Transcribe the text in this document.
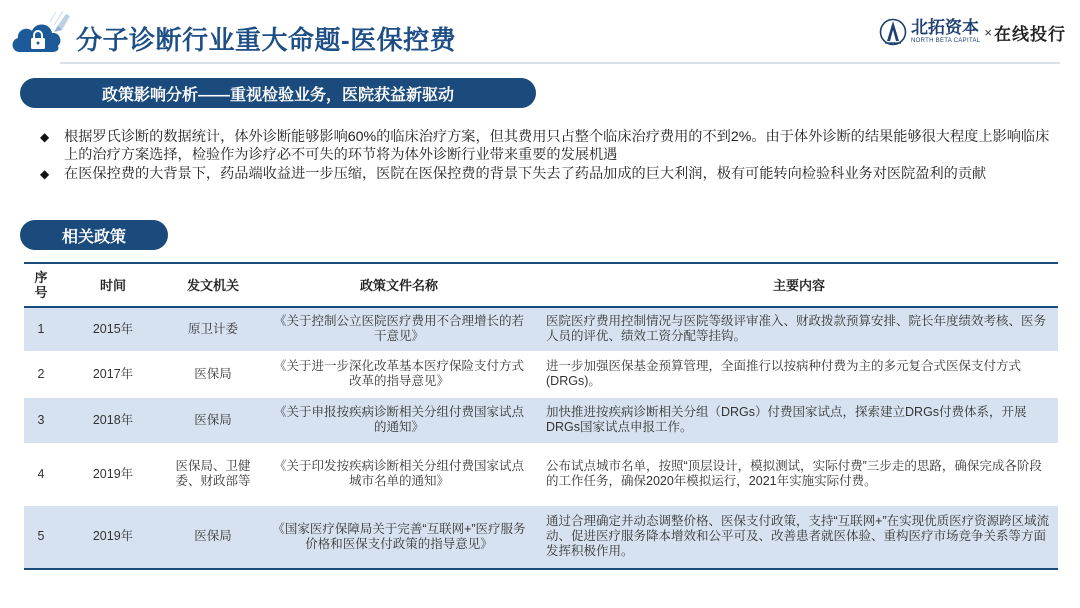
分子诊断行业重大命题-医保控费	北拓资本
NORTH BETA CAPITAL
× 在线投行
政策影响分析——重视检验业务，医院获益新驱动
◆ 根据罗氏诊断的数据统计，体外诊断能够影响60%的临床治疗方案，但其费用只占整个临床治疗费用的不到2%。由于体外诊断的结果能够很大程度上影响临床上的治疗方案选择，检验作为诊疗必不可失的环节将为体外诊断行业带来重要的发展机遇
◆ 在医保控费的大背景下，药品端收益进一步压缩，医院在医保控费的背景下失去了药品加成的巨大利润，极有可能转向检验科业务对医院盈利的贡献
相关政策
序号	时间	发文机关	政策文件名称	主要内容
1	2015年	原卫计委	《关于控制公立医院医疗费用不合理增长的若干意见》	医院医疗费用控制情况与医院等级评审准入、财政拨款预算安排、院长年度绩效考核、医务人员的评优、绩效工资分配等挂钩。
2	2017年	医保局	《关于进一步深化改革基本医疗保险支付方式改革的指导意见》	进一步加强医保基金预算管理，全面推行以按病种付费为主的多元复合式医保支付方式(DRGs)。
3	2018年	医保局	《关于申报按疾病诊断相关分组付费国家试点的通知》	加快推进按疾病诊断相关分组（DRGs）付费国家试点，探索建立DRGs付费体系，开展DRGs国家试点申报工作。
4	2019年	医保局、卫健委、财政部等	《关于印发按疾病诊断相关分组付费国家试点城市名单的通知》	公布试点城市名单，按照“顶层设计，模拟测试，实际付费”三步走的思路，确保完成各阶段的工作任务，确保2020年模拟运行，2021年实施实际付费。
5	2019年	医保局	《国家医疗保障局关于完善“互联网+”医疗服务价格和医保支付政策的指导意见》	通过合理确定并动态调整价格、医保支付政策，支持“互联网+”在实现优质医疗资源跨区域流动、促进医疗服务降本增效和公平可及、改善患者就医体验、重构医疗市场竞争关系等方面发挥积极作用。
